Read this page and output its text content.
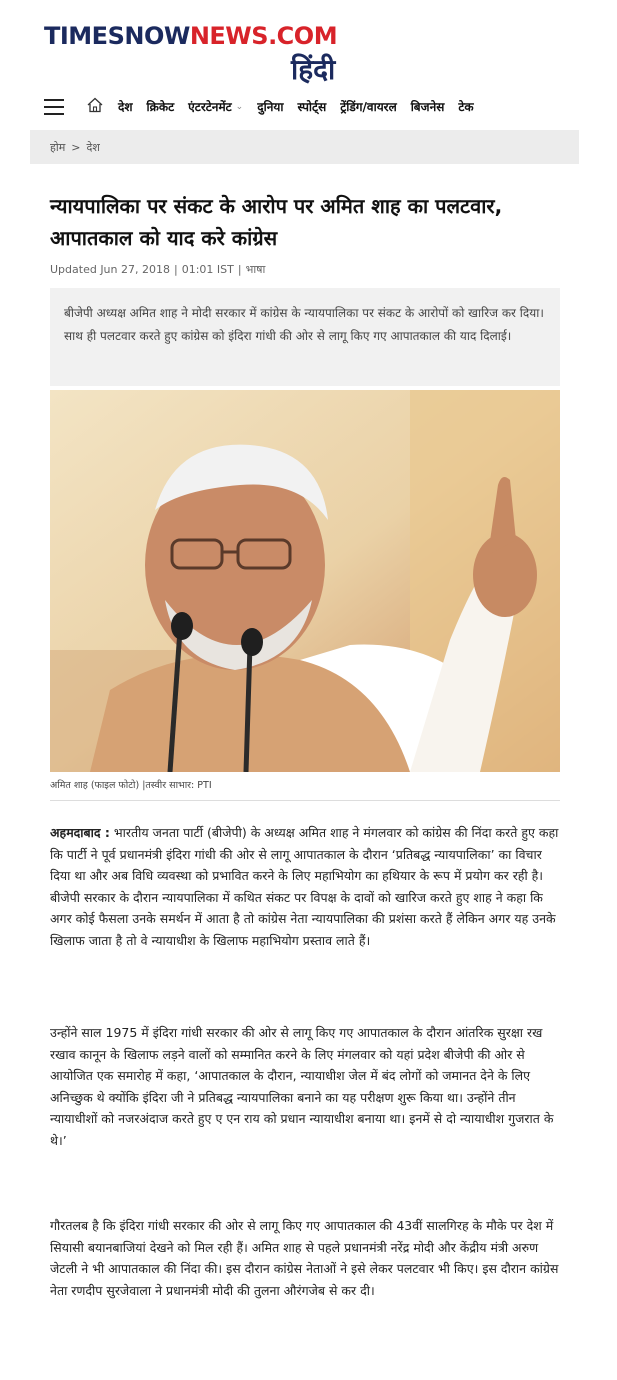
TIMESNOWNEWS.COM
हिंदी
देश क्रिकेट एंटरटेनमेंट ⌄ दुनिया स्पोर्ट्स ट्रेंडिंग/वायरल बिजनेस टेक
होम > देश
न्यायपालिका पर संकट के आरोप पर अमित शाह का पलटवार, आपातकाल को याद करे कांग्रेस
Updated Jun 27, 2018 | 01:01 IST | भाषा
बीजेपी अध्यक्ष अमित शाह ने मोदी सरकार में कांग्रेस के न्यायपालिका पर संकट के आरोपों को खारिज कर दिया। साथ ही पलटवार करते हुए कांग्रेस को इंदिरा गांधी की ओर से लागू किए गए आपातकाल की याद दिलाई।
अमित शाह (फाइल फोटो) |तस्वीर साभार: PTI

अहमदाबाद : भारतीय जनता पार्टी (बीजेपी) के अध्यक्ष अमित शाह ने मंगलवार को कांग्रेस की निंदा करते हुए कहा कि पार्टी ने पूर्व प्रधानमंत्री इंदिरा गांधी की ओर से लागू आपातकाल के दौरान ‘प्रतिबद्ध न्यायपालिका’ का विचार दिया था और अब विधि व्यवस्था को प्रभावित करने के लिए महाभियोग का हथियार के रूप में प्रयोग कर रही है। बीजेपी सरकार के दौरान न्यायपालिका में कथित संकट पर विपक्ष के दावों को खारिज करते हुए शाह ने कहा कि अगर कोई फैसला उनके समर्थन में आता है तो कांग्रेस नेता न्यायपालिका की प्रशंसा करते हैं लेकिन अगर यह उनके खिलाफ जाता है तो वे न्यायाधीश के खिलाफ महाभियोग प्रस्ताव लाते हैं।

उन्होंने साल 1975 में इंदिरा गांधी सरकार की ओर से लागू किए गए आपातकाल के दौरान आंतरिक सुरक्षा रख रखाव कानून के खिलाफ लड़ने वालों को सम्मानित करने के लिए मंगलवार को यहां प्रदेश बीजेपी की ओर से आयोजित एक समारोह में कहा, ‘आपातकाल के दौरान, न्यायाधीश जेल में बंद लोगों को जमानत देने के लिए अनिच्छुक थे क्योंकि इंदिरा जी ने प्रतिबद्ध न्यायपालिका बनाने का यह परीक्षण शुरू किया था। उन्होंने तीन न्यायाधीशों को नजरअंदाज करते हुए ए एन राय को प्रधान न्यायाधीश बनाया था। इनमें से दो न्यायाधीश गुजरात के थे।’

गौरतलब है कि इंदिरा गांधी सरकार की ओर से लागू किए गए आपातकाल की 43वीं सालगिरह के मौके पर देश में सियासी बयानबाजियां देखने को मिल रही हैं। अमित शाह से पहले प्रधानमंत्री नरेंद्र मोदी और केंद्रीय मंत्री अरुण जेटली ने भी आपातकाल की निंदा की। इस दौरान कांग्रेस नेताओं ने इसे लेकर पलटवार भी किए। इस दौरान कांग्रेस नेता रणदीप सुरजेवाला ने प्रधानमंत्री मोदी की तुलना औरंगजेब से कर दी।
